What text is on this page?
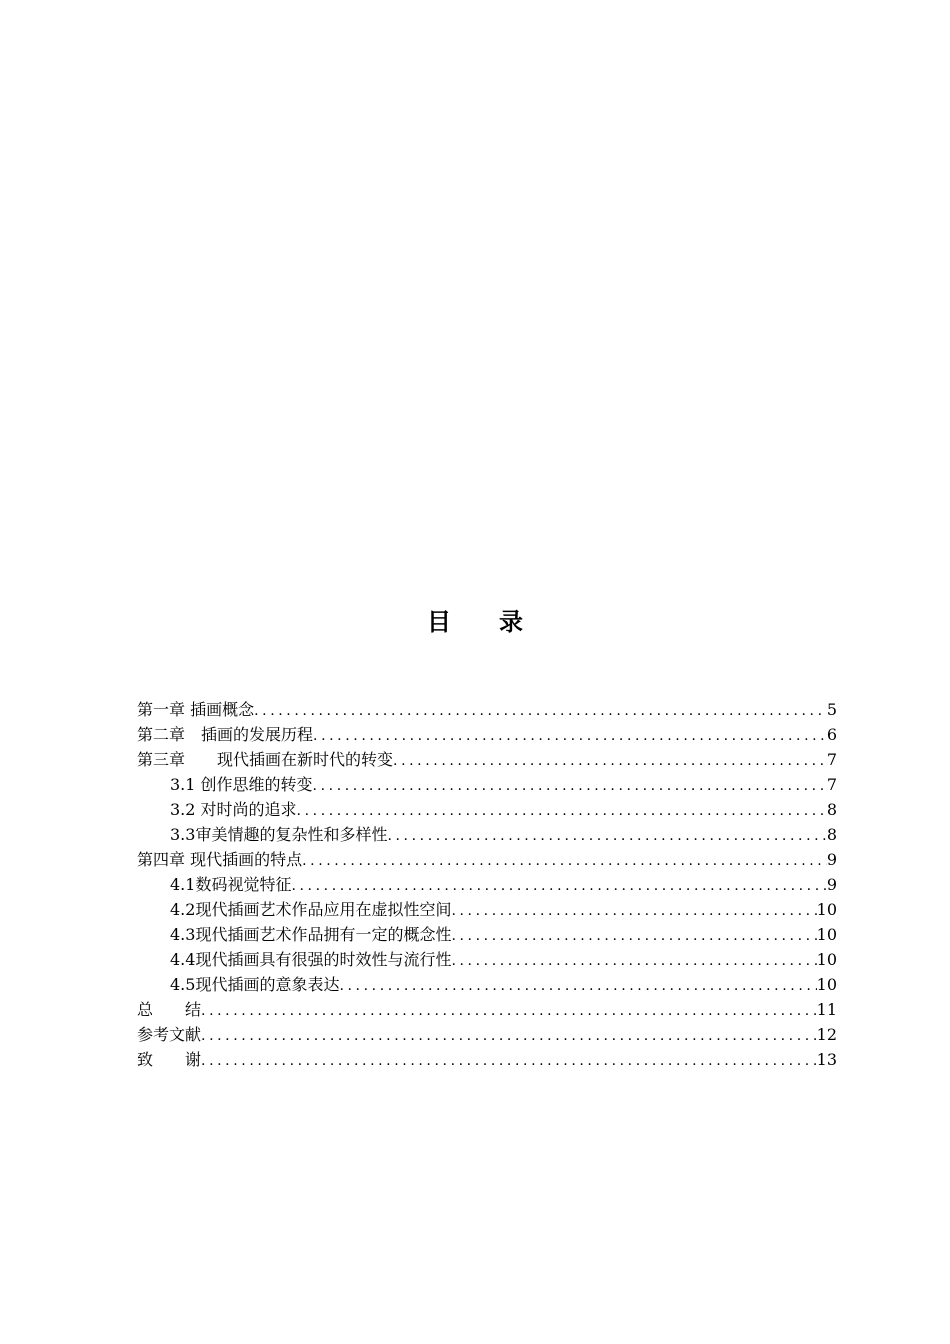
目　　录
第一章 插画概念 .....	5
第二章　插画的发展历程 .....	6
第三章　　现代插画在新时代的转变 .....	7
3.1 创作思维的转变 .....	7
3.2 对时尚的追求 .....	8
3.3审美情趣的复杂性和多样性 .....	8
第四章 现代插画的特点 .....	9
4.1数码视觉特征 .....	9
4.2现代插画艺术作品应用在虚拟性空间 .....	10
4.3现代插画艺术作品拥有一定的概念性 .....	10
4.4现代插画具有很强的时效性与流行性 .....	10
4.5现代插画的意象表达 .....	10
总　　结 .....	11
参考文献 .....	12
致　　谢 .....	13
